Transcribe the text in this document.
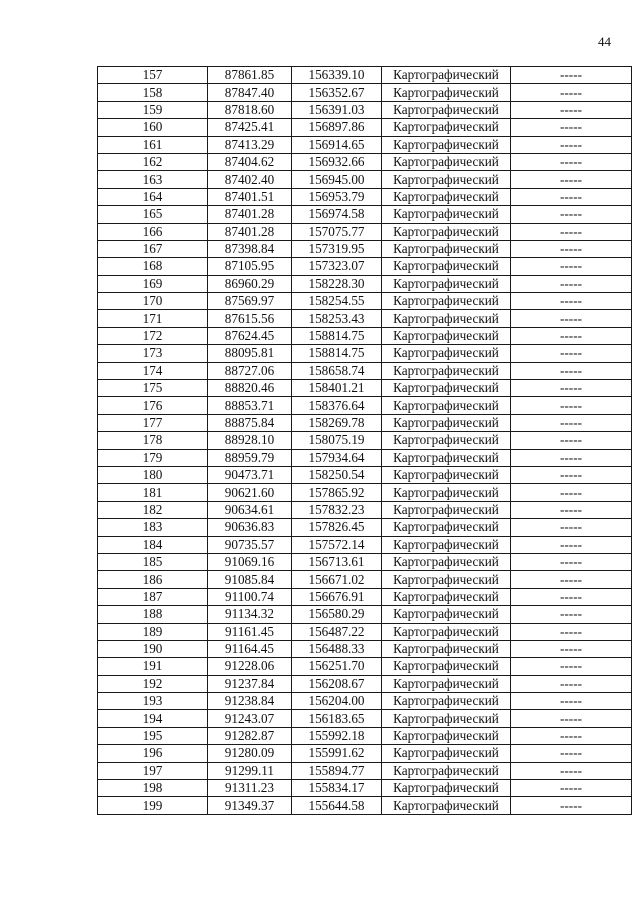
44
157	87861.85	156339.10	Картографический	-----
158	87847.40	156352.67	Картографический	-----
159	87818.60	156391.03	Картографический	-----
160	87425.41	156897.86	Картографический	-----
161	87413.29	156914.65	Картографический	-----
162	87404.62	156932.66	Картографический	-----
163	87402.40	156945.00	Картографический	-----
164	87401.51	156953.79	Картографический	-----
165	87401.28	156974.58	Картографический	-----
166	87401.28	157075.77	Картографический	-----
167	87398.84	157319.95	Картографический	-----
168	87105.95	157323.07	Картографический	-----
169	86960.29	158228.30	Картографический	-----
170	87569.97	158254.55	Картографический	-----
171	87615.56	158253.43	Картографический	-----
172	87624.45	158814.75	Картографический	-----
173	88095.81	158814.75	Картографический	-----
174	88727.06	158658.74	Картографический	-----
175	88820.46	158401.21	Картографический	-----
176	88853.71	158376.64	Картографический	-----
177	88875.84	158269.78	Картографический	-----
178	88928.10	158075.19	Картографический	-----
179	88959.79	157934.64	Картографический	-----
180	90473.71	158250.54	Картографический	-----
181	90621.60	157865.92	Картографический	-----
182	90634.61	157832.23	Картографический	-----
183	90636.83	157826.45	Картографический	-----
184	90735.57	157572.14	Картографический	-----
185	91069.16	156713.61	Картографический	-----
186	91085.84	156671.02	Картографический	-----
187	91100.74	156676.91	Картографический	-----
188	91134.32	156580.29	Картографический	-----
189	91161.45	156487.22	Картографический	-----
190	91164.45	156488.33	Картографический	-----
191	91228.06	156251.70	Картографический	-----
192	91237.84	156208.67	Картографический	-----
193	91238.84	156204.00	Картографический	-----
194	91243.07	156183.65	Картографический	-----
195	91282.87	155992.18	Картографический	-----
196	91280.09	155991.62	Картографический	-----
197	91299.11	155894.77	Картографический	-----
198	91311.23	155834.17	Картографический	-----
199	91349.37	155644.58	Картографический	-----
